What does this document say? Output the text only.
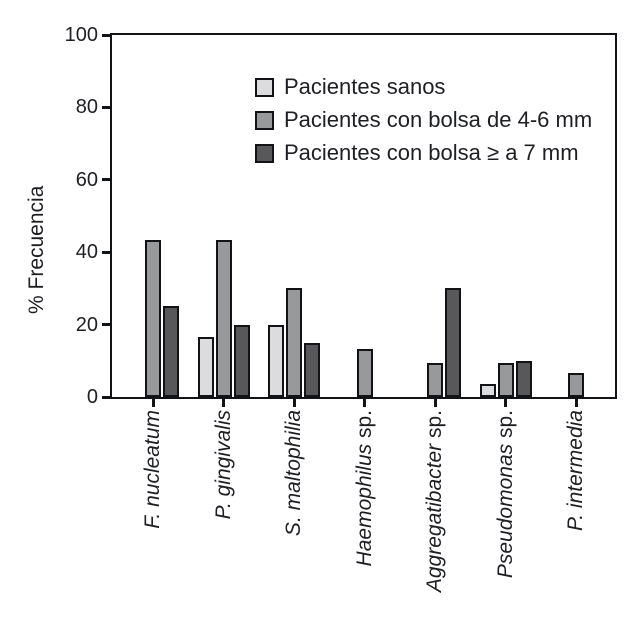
% Frecuencia
Pacientes sanos
Pacientes con bolsa de 4-6 mm
Pacientes con bolsa ≥ a 7 mm
0
20
40
60
80
100
F. nucleatum P. gingivalis S. maltophilia Haemophilus sp.
Aggregatibacter sp.
Pseudomonas sp. P. intermedia
